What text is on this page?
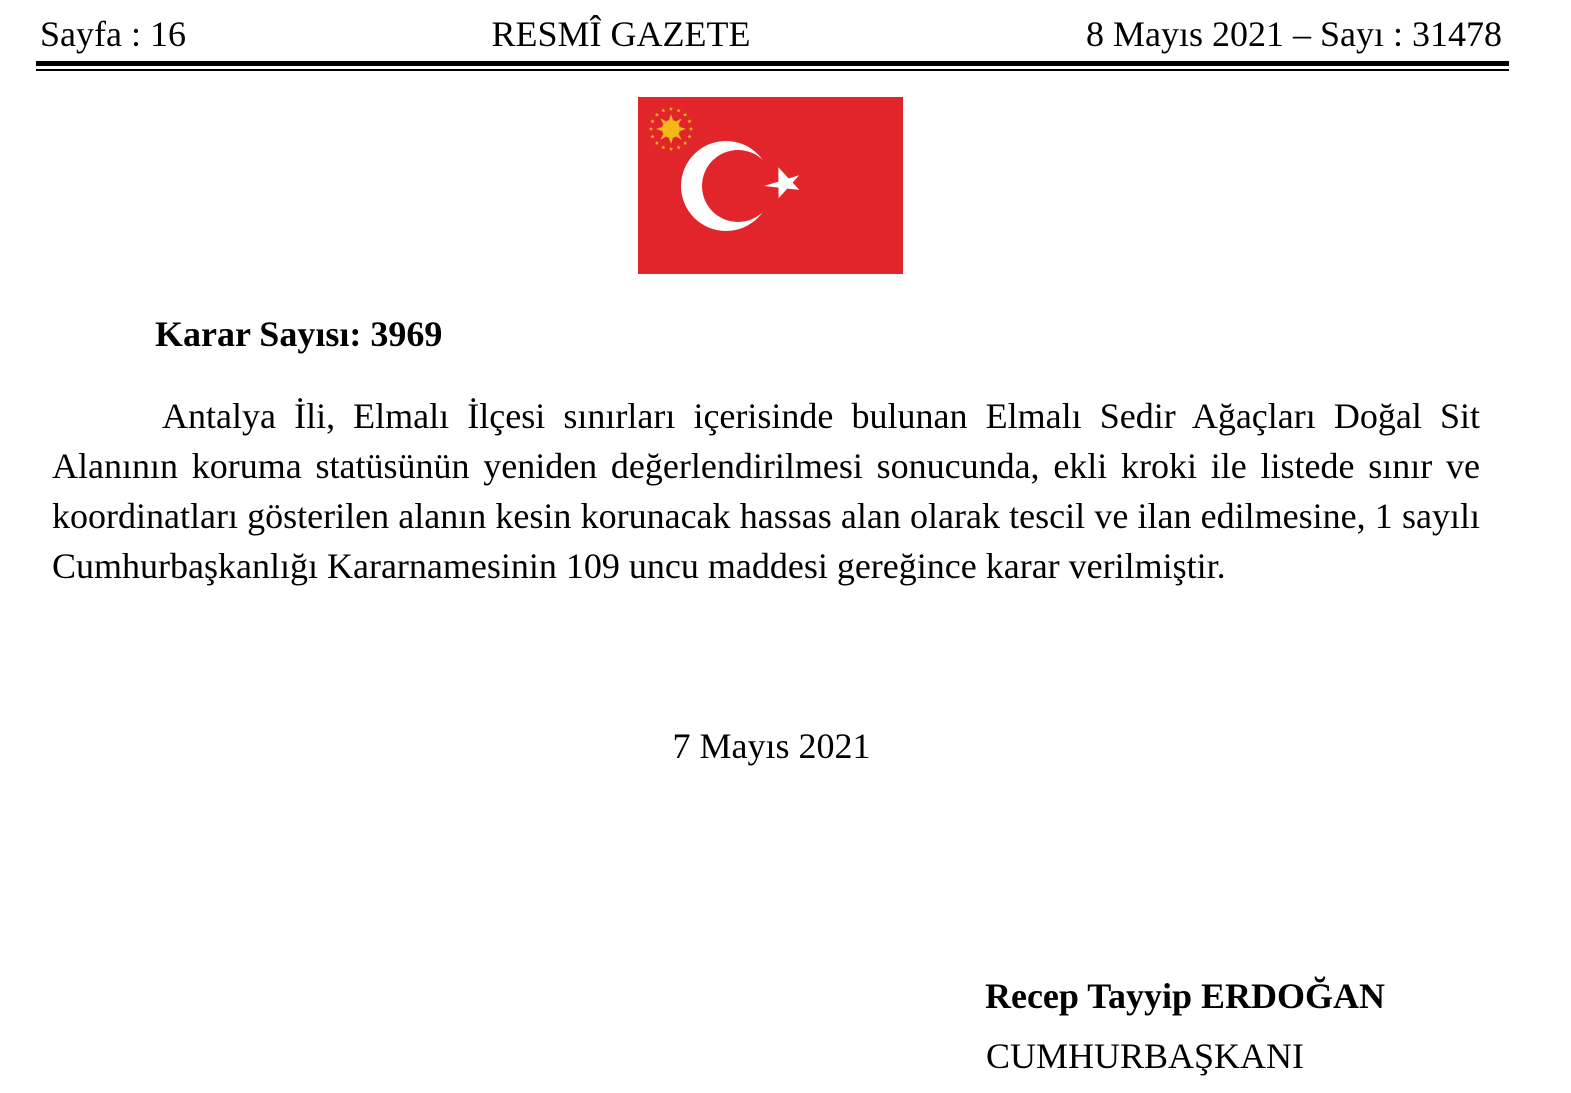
Sayfa : 16	RESMÎ GAZETE	8 Mayıs 2021 – Sayı : 31478
Karar Sayısı: 3969

Antalya İli, Elmalı İlçesi sınırları içerisinde bulunan Elmalı Sedir Ağaçları Doğal Sit Alanının koruma statüsünün yeniden değerlendirilmesi sonucunda, ekli kroki ile listede sınır ve koordinatları gösterilen alanın kesin korunacak hassas alan olarak tescil ve ilan edilmesine, 1 sayılı Cumhurbaşkanlığı Kararnamesinin 109 uncu maddesi gereğince karar verilmiştir.

7 Mayıs 2021
Recep Tayyip ERDOĞAN
CUMHURBAŞKANI
